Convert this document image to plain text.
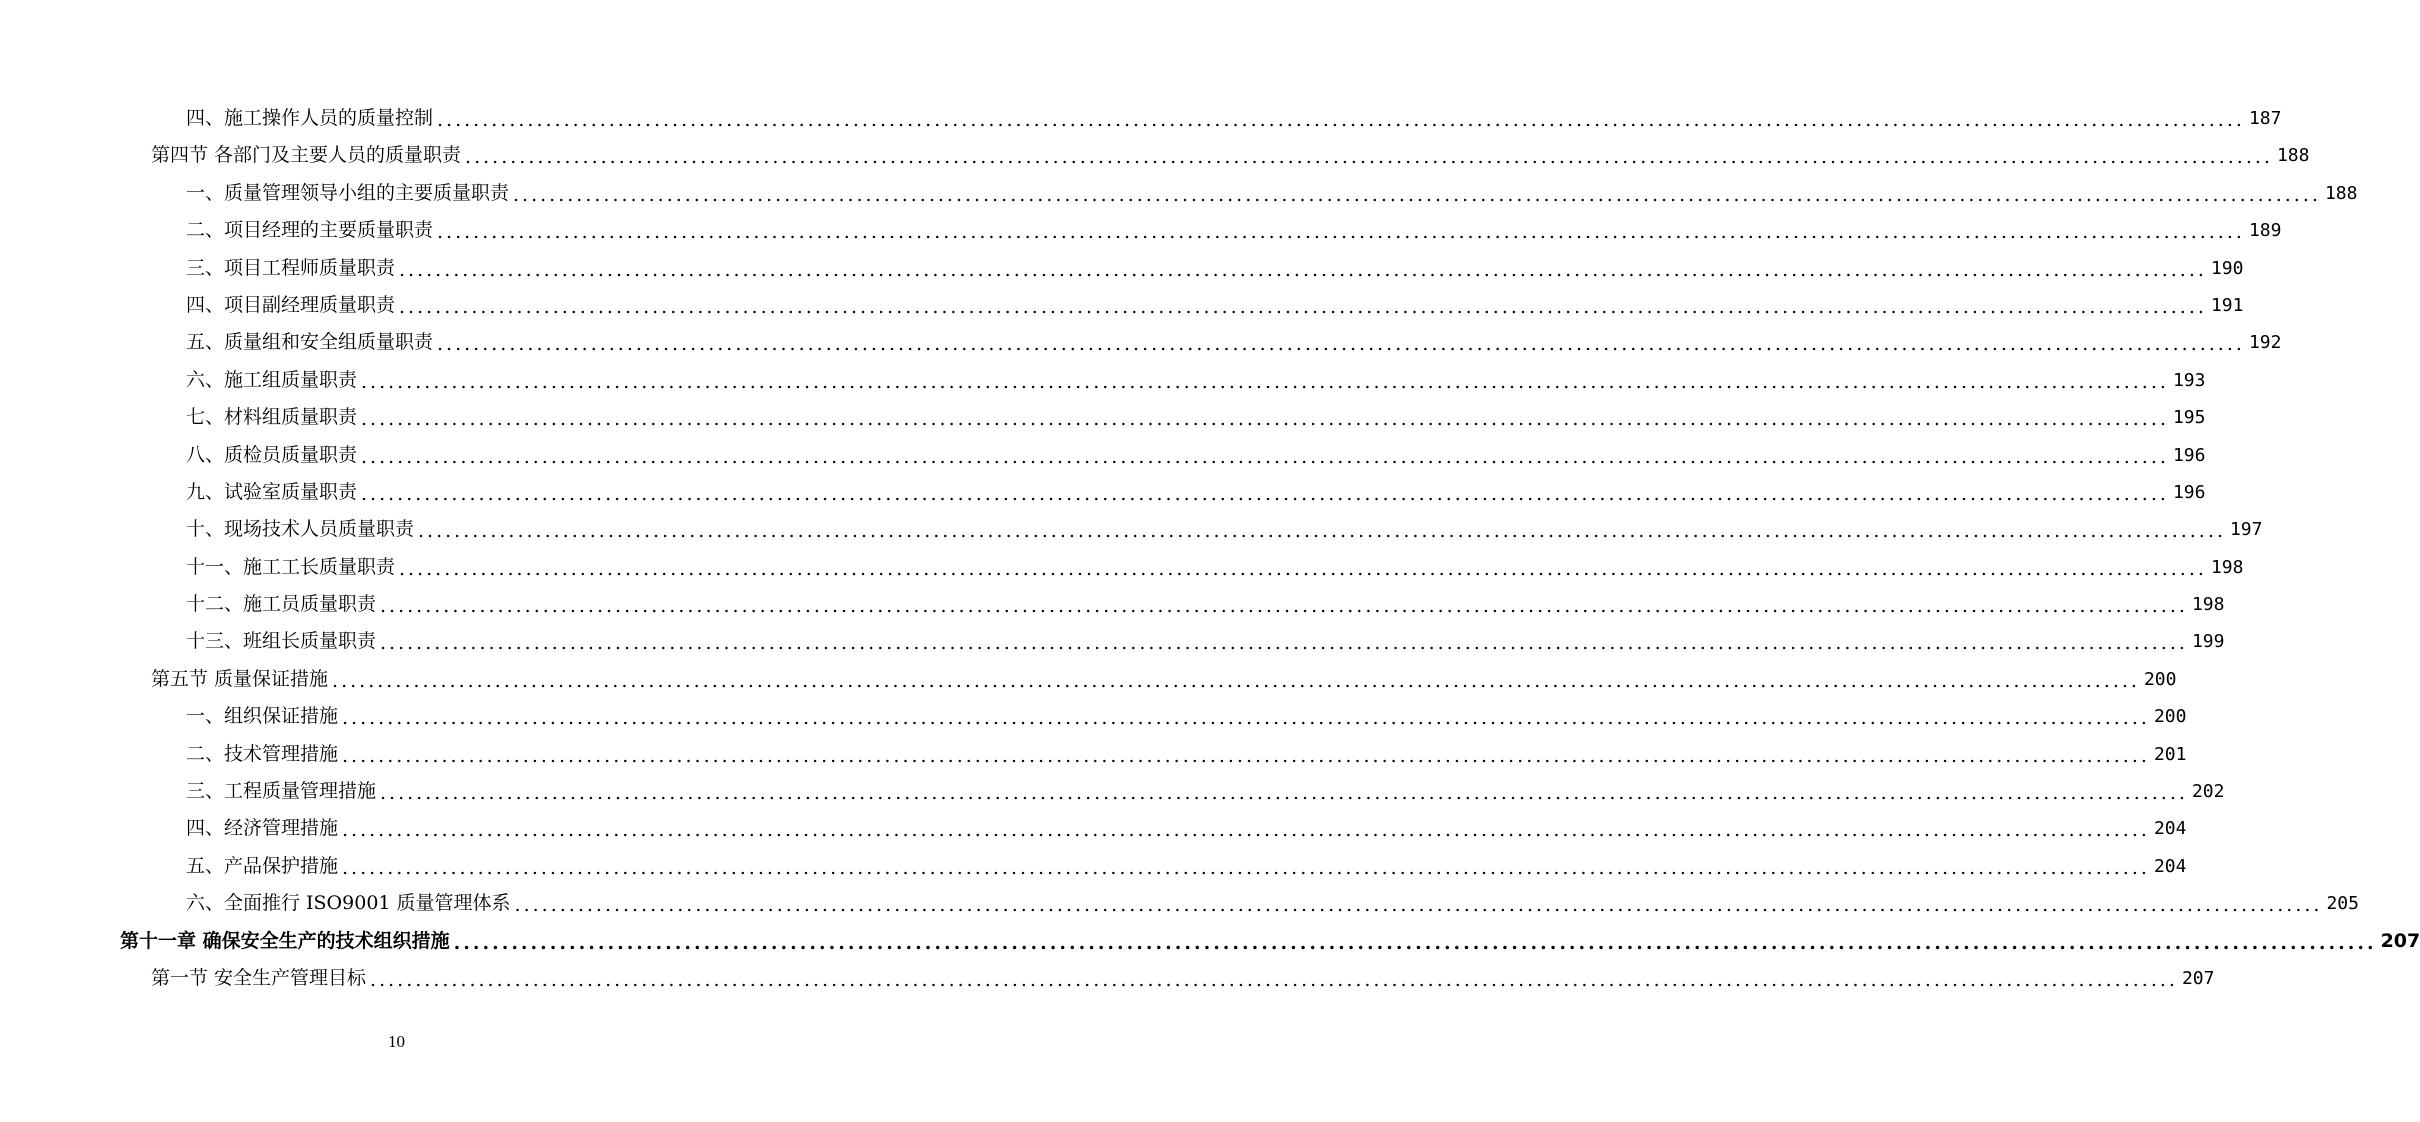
四、施工操作人员的质量控制 ........................................................................................................................................................................................................ 187
第四节 各部门及主要人员的质量职责 ........................................................................................................................................................................................................ 188
一、质量管理领导小组的主要质量职责 ........................................................................................................................................................................................................ 188
二、项目经理的主要质量职责 ........................................................................................................................................................................................................ 189
三、项目工程师质量职责 ........................................................................................................................................................................................................ 190
四、项目副经理质量职责 ........................................................................................................................................................................................................ 191
五、质量组和安全组质量职责 ........................................................................................................................................................................................................ 192
六、施工组质量职责 ........................................................................................................................................................................................................ 193
七、材料组质量职责 ........................................................................................................................................................................................................ 195
八、质检员质量职责 ........................................................................................................................................................................................................ 196
九、试验室质量职责 ........................................................................................................................................................................................................ 196
十、现场技术人员质量职责 ........................................................................................................................................................................................................ 197
十一、施工工长质量职责 ........................................................................................................................................................................................................ 198
十二、施工员质量职责 ........................................................................................................................................................................................................ 198
十三、班组长质量职责 ........................................................................................................................................................................................................ 199
第五节 质量保证措施 ........................................................................................................................................................................................................ 200
一、组织保证措施 ........................................................................................................................................................................................................ 200
二、技术管理措施 ........................................................................................................................................................................................................ 201
三、工程质量管理措施 ........................................................................................................................................................................................................ 202
四、经济管理措施 ........................................................................................................................................................................................................ 204
五、产品保护措施 ........................................................................................................................................................................................................ 204
六、全面推行 ISO9001 质量管理体系 ........................................................................................................................................................................................................ 205
第十一章 确保安全生产的技术组织措施 ........................................................................................................................................................................................................ 207
第一节 安全生产管理目标 ........................................................................................................................................................................................................ 207
10
